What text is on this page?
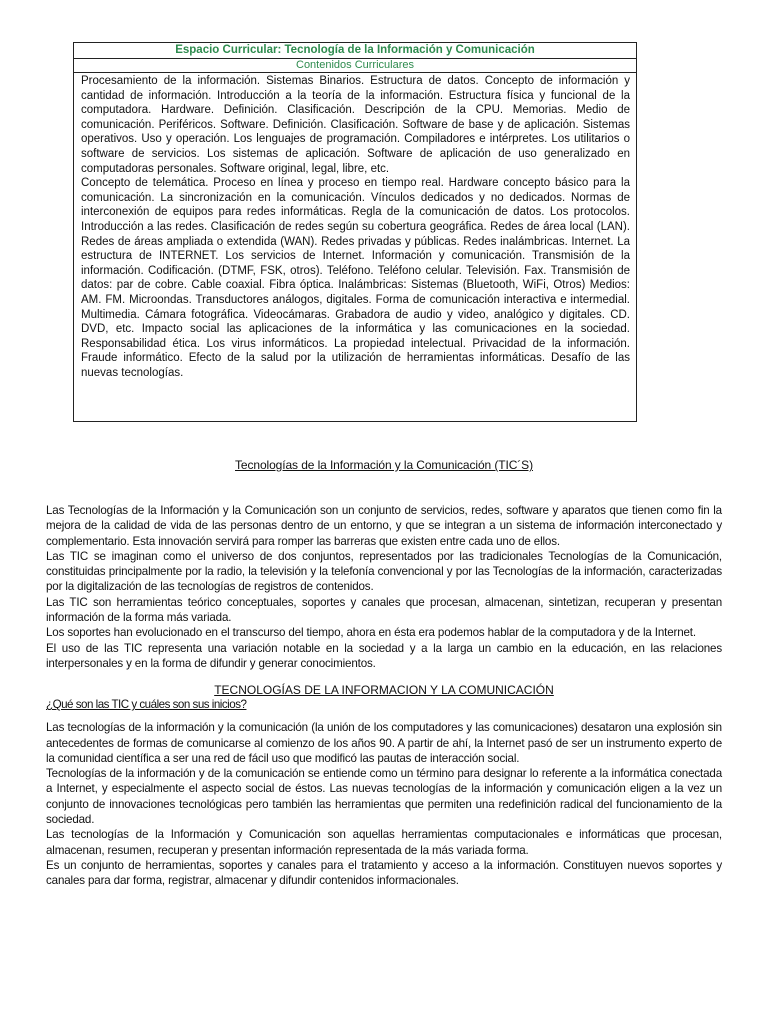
Espacio Curricular: Tecnología de la Información y Comunicación
Contenidos Curriculares

Procesamiento de la información. Sistemas Binarios. Estructura de datos. Concepto de información y cantidad de información. Introducción a la teoría de la información. Estructura física y funcional de la computadora. Hardware. Definición. Clasificación. Descripción de la CPU. Memorias. Medio de comunicación. Periféricos. Software. Definición. Clasificación. Software de base y de aplicación. Sistemas operativos. Uso y operación. Los lenguajes de programación. Compiladores e intérpretes. Los utilitarios o software de servicios. Los sistemas de aplicación. Software de aplicación de uso generalizado en computadoras personales. Software original, legal, libre, etc.

Concepto de telemática. Proceso en línea y proceso en tiempo real. Hardware concepto básico para la comunicación. La sincronización en la comunicación. Vínculos dedicados y no dedicados. Normas de interconexión de equipos para redes informáticas. Regla de la comunicación de datos. Los protocolos. Introducción a las redes. Clasificación de redes según su cobertura geográfica. Redes de área local (LAN). Redes de áreas ampliada o extendida (WAN). Redes privadas y públicas. Redes inalámbricas. Internet. La estructura de INTERNET. Los servicios de Internet. Información y comunicación. Transmisión de la información. Codificación. (DTMF, FSK, otros). Teléfono. Teléfono celular. Televisión. Fax. Transmisión de datos: par de cobre. Cable coaxial. Fibra óptica. Inalámbricas: Sistemas (Bluetooth, WiFi, Otros) Medios: AM. FM. Microondas. Transductores análogos, digitales. Forma de comunicación interactiva e intermedial. Multimedia. Cámara fotográfica. Videocámaras. Grabadora de audio y video, analógico y digitales. CD. DVD, etc. Impacto social las aplicaciones de la informática y las comunicaciones en la sociedad. Responsabilidad ética. Los virus informáticos. La propiedad intelectual. Privacidad de la información. Fraude informático. Efecto de la salud por la utilización de herramientas informáticas. Desafío de las nuevas tecnologías.

Tecnologías de la Información y la Comunicación (TIC´S)

Las Tecnologías de la Información y la Comunicación son un conjunto de servicios, redes, software y aparatos que tienen como fin la mejora de la calidad de vida de las personas dentro de un entorno, y que se integran a un sistema de información interconectado y complementario. Esta innovación servirá para romper las barreras que existen entre cada uno de ellos.

Las TIC se imaginan como el universo de dos conjuntos, representados por las tradicionales Tecnologías de la Comunicación, constituidas principalmente por la radio, la televisión y la telefonía convencional y por las Tecnologías de la información, caracterizadas por la digitalización de las tecnologías de registros de contenidos.

Las TIC son herramientas teórico conceptuales, soportes y canales que procesan, almacenan, sintetizan, recuperan y presentan información de la forma más variada.

Los soportes han evolucionado en el transcurso del tiempo, ahora en ésta era podemos hablar de la computadora y de la Internet.

El uso de las TIC representa una variación notable en la sociedad y a la larga un cambio en la educación, en las relaciones interpersonales y en la forma de difundir y generar conocimientos.

TECNOLOGÍAS DE LA INFORMACION Y LA COMUNICACIÓN
¿Qué son las TIC y cuáles son sus inicios?

Las tecnologías de la información y la comunicación (la unión de los computadores y las comunicaciones) desataron una explosión sin antecedentes de formas de comunicarse al comienzo de los años 90. A partir de ahí, la Internet pasó de ser un instrumento experto de la comunidad científica a ser una red de fácil uso que modificó las pautas de interacción social.

Tecnologías de la información y de la comunicación se entiende como un término para designar lo referente a la informática conectada a Internet, y especialmente el aspecto social de éstos. Las nuevas tecnologías de la información y comunicación eligen a la vez un conjunto de innovaciones tecnológicas pero también las herramientas que permiten una redefinición radical del funcionamiento de la sociedad.

Las tecnologías de la Información y Comunicación son aquellas herramientas computacionales e informáticas que procesan, almacenan, resumen, recuperan y presentan información representada de la más variada forma.

Es un conjunto de herramientas, soportes y canales para el tratamiento y acceso a la información. Constituyen nuevos soportes y canales para dar forma, registrar, almacenar y difundir contenidos informacionales.
